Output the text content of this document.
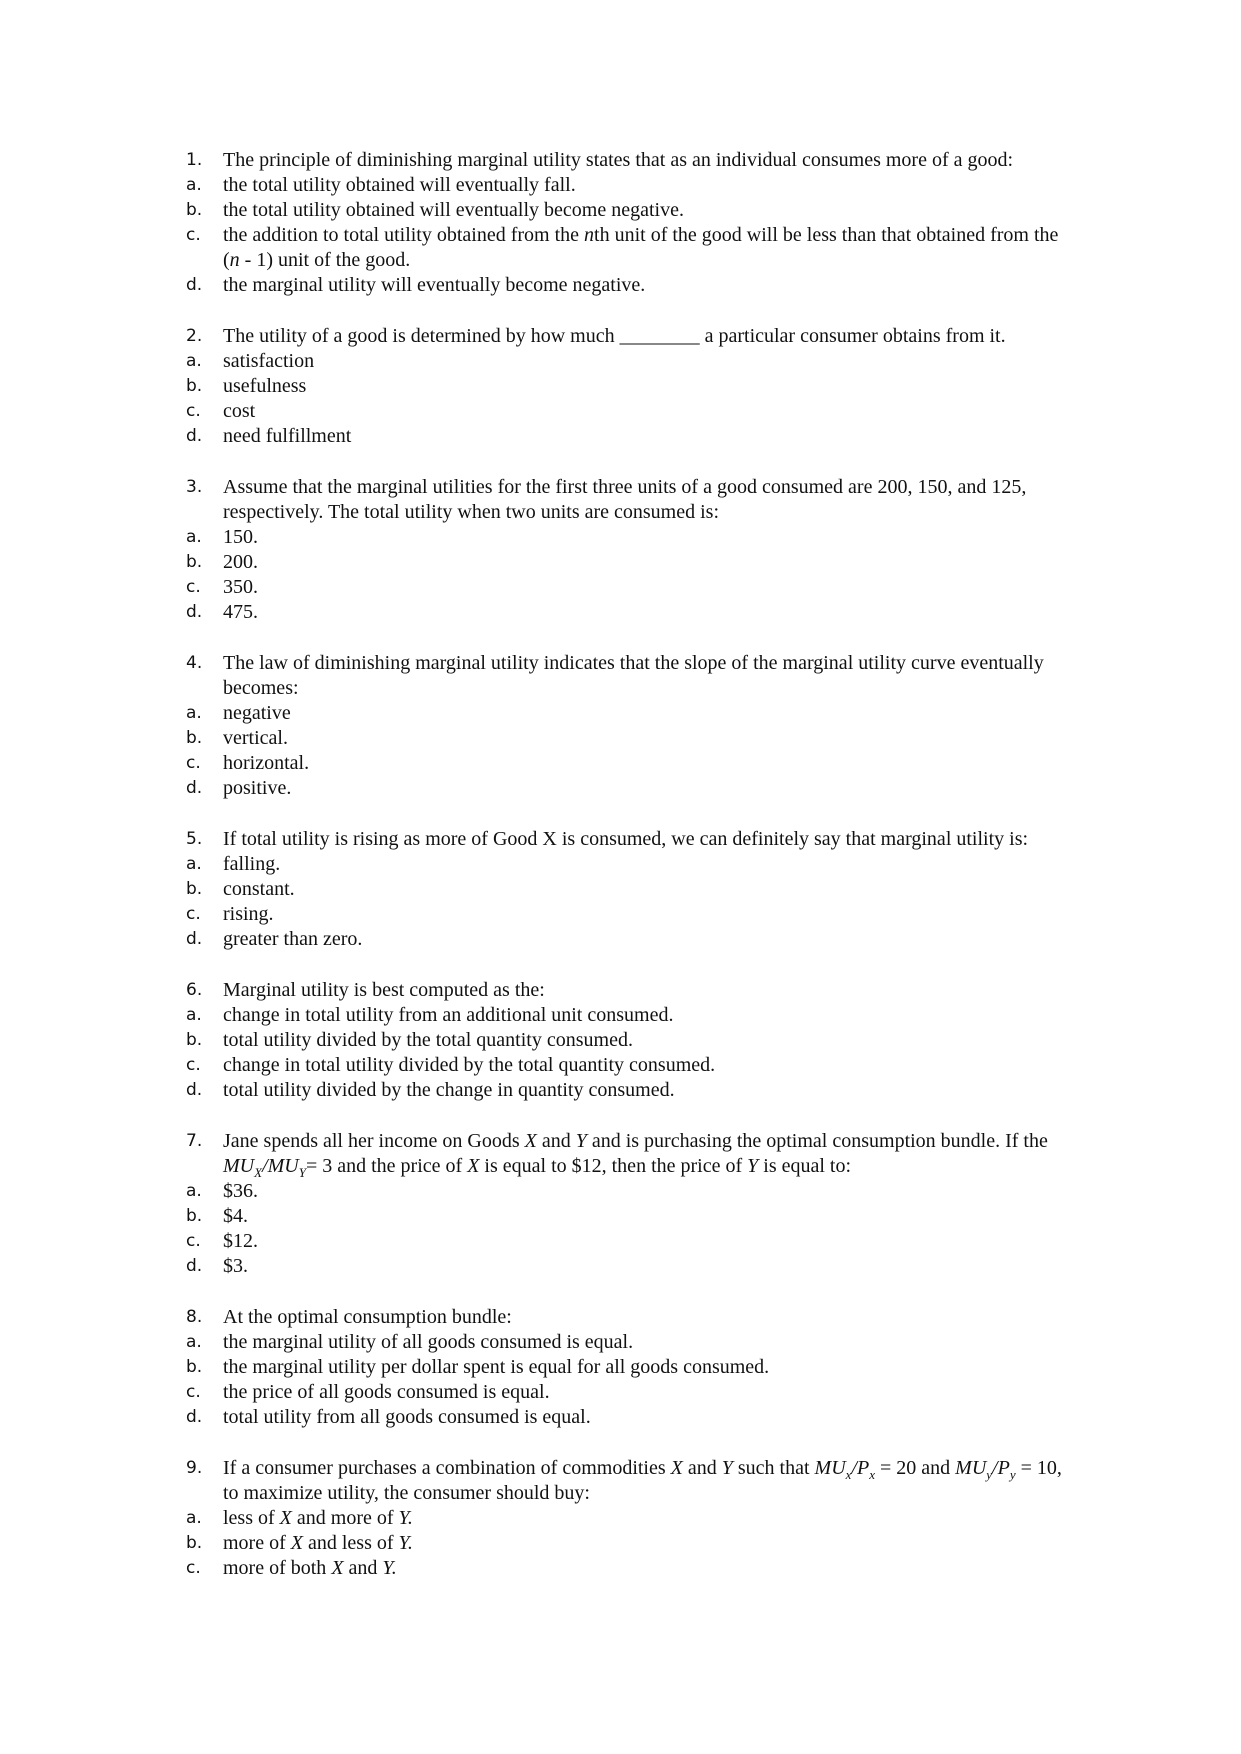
1.	The principle of diminishing marginal utility states that as an individual consumes more of a good:
a.	the total utility obtained will eventually fall.
b.	the total utility obtained will eventually become negative.
c.	the addition to total utility obtained from the nth unit of the good will be less than that obtained from the (n - 1) unit of the good.
d.	the marginal utility will eventually become negative.
2.	The utility of a good is determined by how much ________ a particular consumer obtains from it.
a.	satisfaction
b.	usefulness
c.	cost
d.	need fulfillment
3.	Assume that the marginal utilities for the first three units of a good consumed are 200, 150, and 125, respectively. The total utility when two units are consumed is:
a.	150.
b.	200.
c.	350.
d.	475.
4.	The law of diminishing marginal utility indicates that the slope of the marginal utility curve eventually becomes:
a.	negative
b.	vertical.
c.	horizontal.
d.	positive.
5.	If total utility is rising as more of Good X is consumed, we can definitely say that marginal utility is:
a.	falling.
b.	constant.
c.	rising.
d.	greater than zero.
6.	Marginal utility is best computed as the:
a.	change in total utility from an additional unit consumed.
b.	total utility divided by the total quantity consumed.
c.	change in total utility divided by the total quantity consumed.
d.	total utility divided by the change in quantity consumed.
7.	Jane spends all her income on Goods X and Y and is purchasing the optimal consumption bundle. If the $MU_X/MU_Y= 3$ and the price of X is equal to $12, then the price of Y is equal to:
a.	$36.
b.	$4.
c.	$12.
d.	$3.
8.	At the optimal consumption bundle:
a.	the marginal utility of all goods consumed is equal.
b.	the marginal utility per dollar spent is equal for all goods consumed.
c.	the price of all goods consumed is equal.
d.	total utility from all goods consumed is equal.
9.	If a consumer purchases a combination of commodities X and Y such that $MU_x/P_x = 20$ and $MU_y/P_y = 10$, to maximize utility, the consumer should buy:
a.	less of X and more of Y.
b.	more of X and less of Y.
c.	more of both X and Y.
